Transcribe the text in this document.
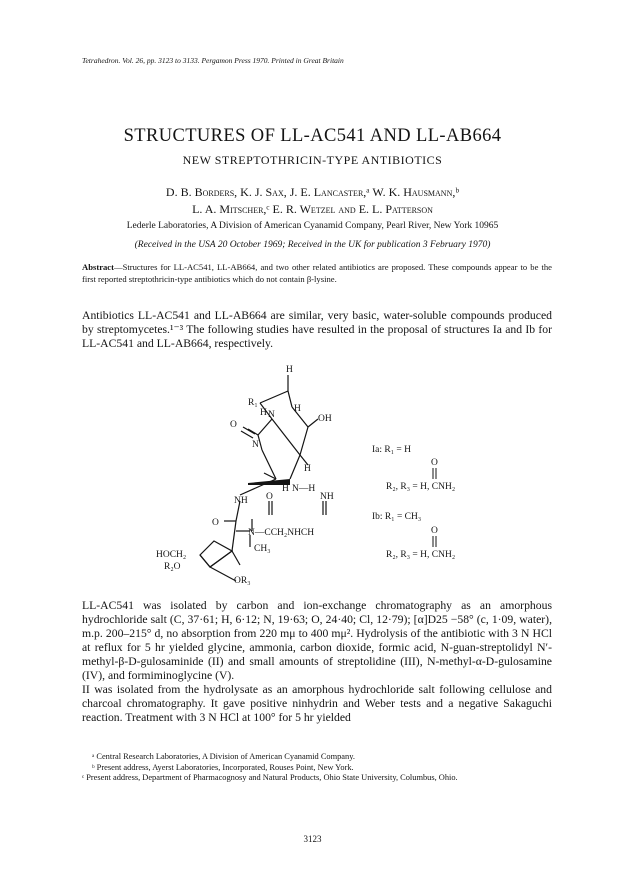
Tetrahedron. Vol. 26, pp. 3123 to 3133. Pergamon Press 1970. Printed in Great Britain
STRUCTURES OF LL-AC541 AND LL-AB664
NEW STREPTOTHRICIN-TYPE ANTIBIOTICS
D. B. Borders, K. J. Sax, J. E. Lancaster,ᵃ W. K. Hausmann,ᵇ
L. A. Mitscher,ᶜ E. R. Wetzel and E. L. Patterson
Lederle Laboratories, A Division of American Cyanamid Company, Pearl River, New York 10965
(Received in the USA 20 October 1969; Received in the UK for publication 3 February 1970)
Abstract—Structures for LL-AC541, LL-AB664, and two other related antibiotics are proposed. These compounds appear to be the first reported streptothricin-type antibiotics which do not contain β-lysine.
Antibiotics LL-AC541 and LL-AB664 are similar, very basic, water-soluble compounds produced by streptomycetes.¹⁻³ The following studies have resulted in the proposal of structures Ia and Ib for LL-AC541 and LL-AB664, respectively.
R₁
N
H
H
OH
H
O
N
H
H N—H
NH
O
O	NH
N—CCH₂NHCH
CH₃
HOCH₂
R₂O
OR₃
Ia: R₁ = H
O
R₂, R₃ = H, CNH₂
Ib: R₁ = CH₃
O
R₂, R₃ = H, CNH₂
LL-AC541 was isolated by carbon and ion-exchange chromatography as an amorphous hydrochloride salt (C, 37·61; H, 6·12; N, 19·63; O, 24·40; Cl, 12·79); [α]D25 −58° (c, 1·09, water), m.p. 200–215° d, no absorption from 220 mμ to 400 mμ². Hydrolysis of the antibiotic with 3 N HCl at reflux for 5 hr yielded glycine, ammonia, carbon dioxide, formic acid, N-guan-streptolidyl N′-methyl-β-D-gulosaminide (II) and small amounts of streptolidine (III), N-methyl-α-D-gulosamine (IV), and formiminoglycine (V).
II was isolated from the hydrolysate as an amorphous hydrochloride salt following cellulose and charcoal chromatography. It gave positive ninhydrin and Weber tests and a negative Sakaguchi reaction. Treatment with 3 N HCl at 100° for 5 hr yielded
ᵃ Central Research Laboratories, A Division of American Cyanamid Company.
ᵇ Present address, Ayerst Laboratories, Incorporated, Rouses Point, New York.
ᶜ Present address, Department of Pharmacognosy and Natural Products, Ohio State University, Columbus, Ohio.
3123
